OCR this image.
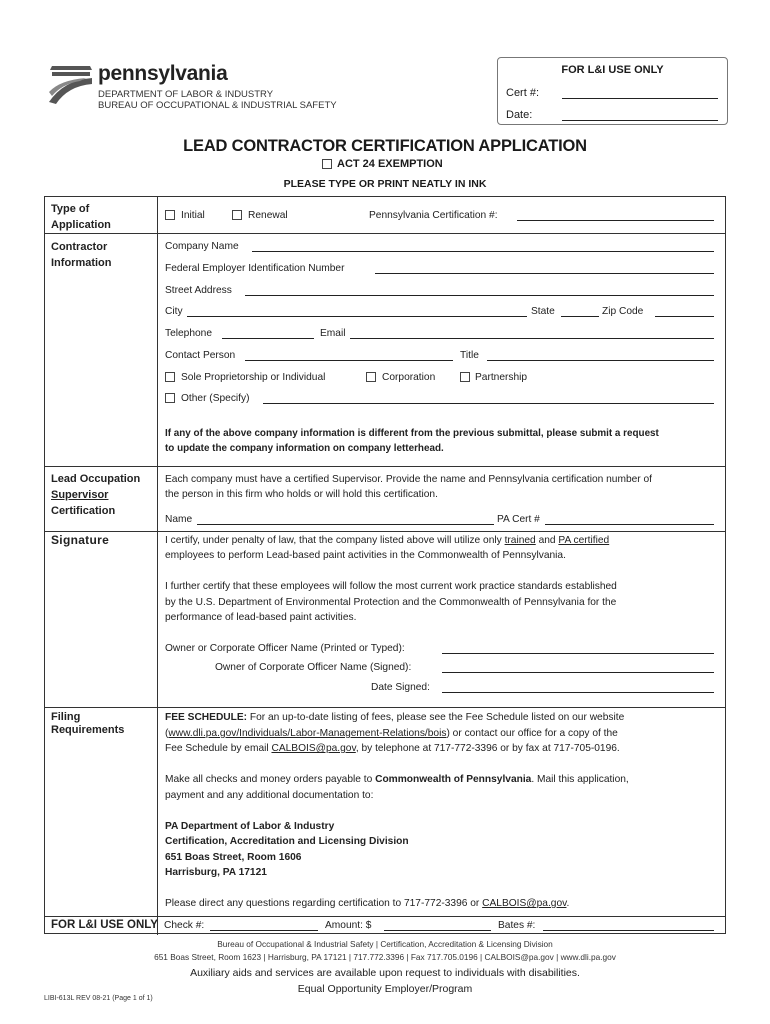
pennsylvania
DEPARTMENT OF LABOR & INDUSTRY
BUREAU OF OCCUPATIONAL & INDUSTRIAL SAFETY
FOR L&I USE ONLY
Cert #:
Date:
LEAD CONTRACTOR CERTIFICATION APPLICATION
ACT 24 EXEMPTION
PLEASE TYPE OR PRINT NEATLY IN INK
Type of
Application
Initial	Renewal	Pennsylvania Certification #:
Contractor
Information
Company Name
Federal Employer Identification Number
Street Address
City	State	Zip Code
Telephone	Email
Contact Person	Title
Sole Proprietorship or Individual	Corporation	Partnership
Other (Specify)
If any of the above company information is different from the previous submittal, please submit a request
to update the company information on company letterhead.
Lead Occupation
Supervisor
Certification
Each company must have a certified Supervisor. Provide the name and Pennsylvania certification number of
the person in this firm who holds or will hold this certification.
Name	PA Cert #
Signature	I certify, under penalty of law, that the company listed above will utilize only trained and PA certified
employees to perform Lead-based paint activities in the Commonwealth of Pennsylvania.
I further certify that these employees will follow the most current work practice standards established
by the U.S. Department of Environmental Protection and the Commonwealth of Pennsylvania for the
performance of lead-based paint activities.
Owner or Corporate Officer Name (Printed or Typed):
Owner of Corporate Officer Name (Signed):
Date Signed:
Filing
Requirements
FEE SCHEDULE: For an up-to-date listing of fees, please see the Fee Schedule listed on our website
(www.dli.pa.gov/Individuals/Labor-Management-Relations/bois) or contact our office for a copy of the
Fee Schedule by email CALBOIS@pa.gov, by telephone at 717-772-3396 or by fax at 717-705-0196.
Make all checks and money orders payable to Commonwealth of Pennsylvania. Mail this application,
payment and any additional documentation to:
PA Department of Labor & Industry
Certification, Accreditation and Licensing Division
651 Boas Street, Room 1606
Harrisburg, PA 17121
Please direct any questions regarding certification to 717-772-3396 or CALBOIS@pa.gov.
FOR L&I USE ONLY Check #:	Amount: $	Bates #:
Bureau of Occupational & Industrial Safety | Certification, Accreditation & Licensing Division
651 Boas Street, Room 1623 | Harrisburg, PA 17121 | 717.772.3396 | Fax 717.705.0196 | CALBOIS@pa.gov | www.dli.pa.gov
Auxiliary aids and services are available upon request to individuals with disabilities.
Equal Opportunity Employer/Program
LIBI-613L REV 08-21 (Page 1 of 1)
